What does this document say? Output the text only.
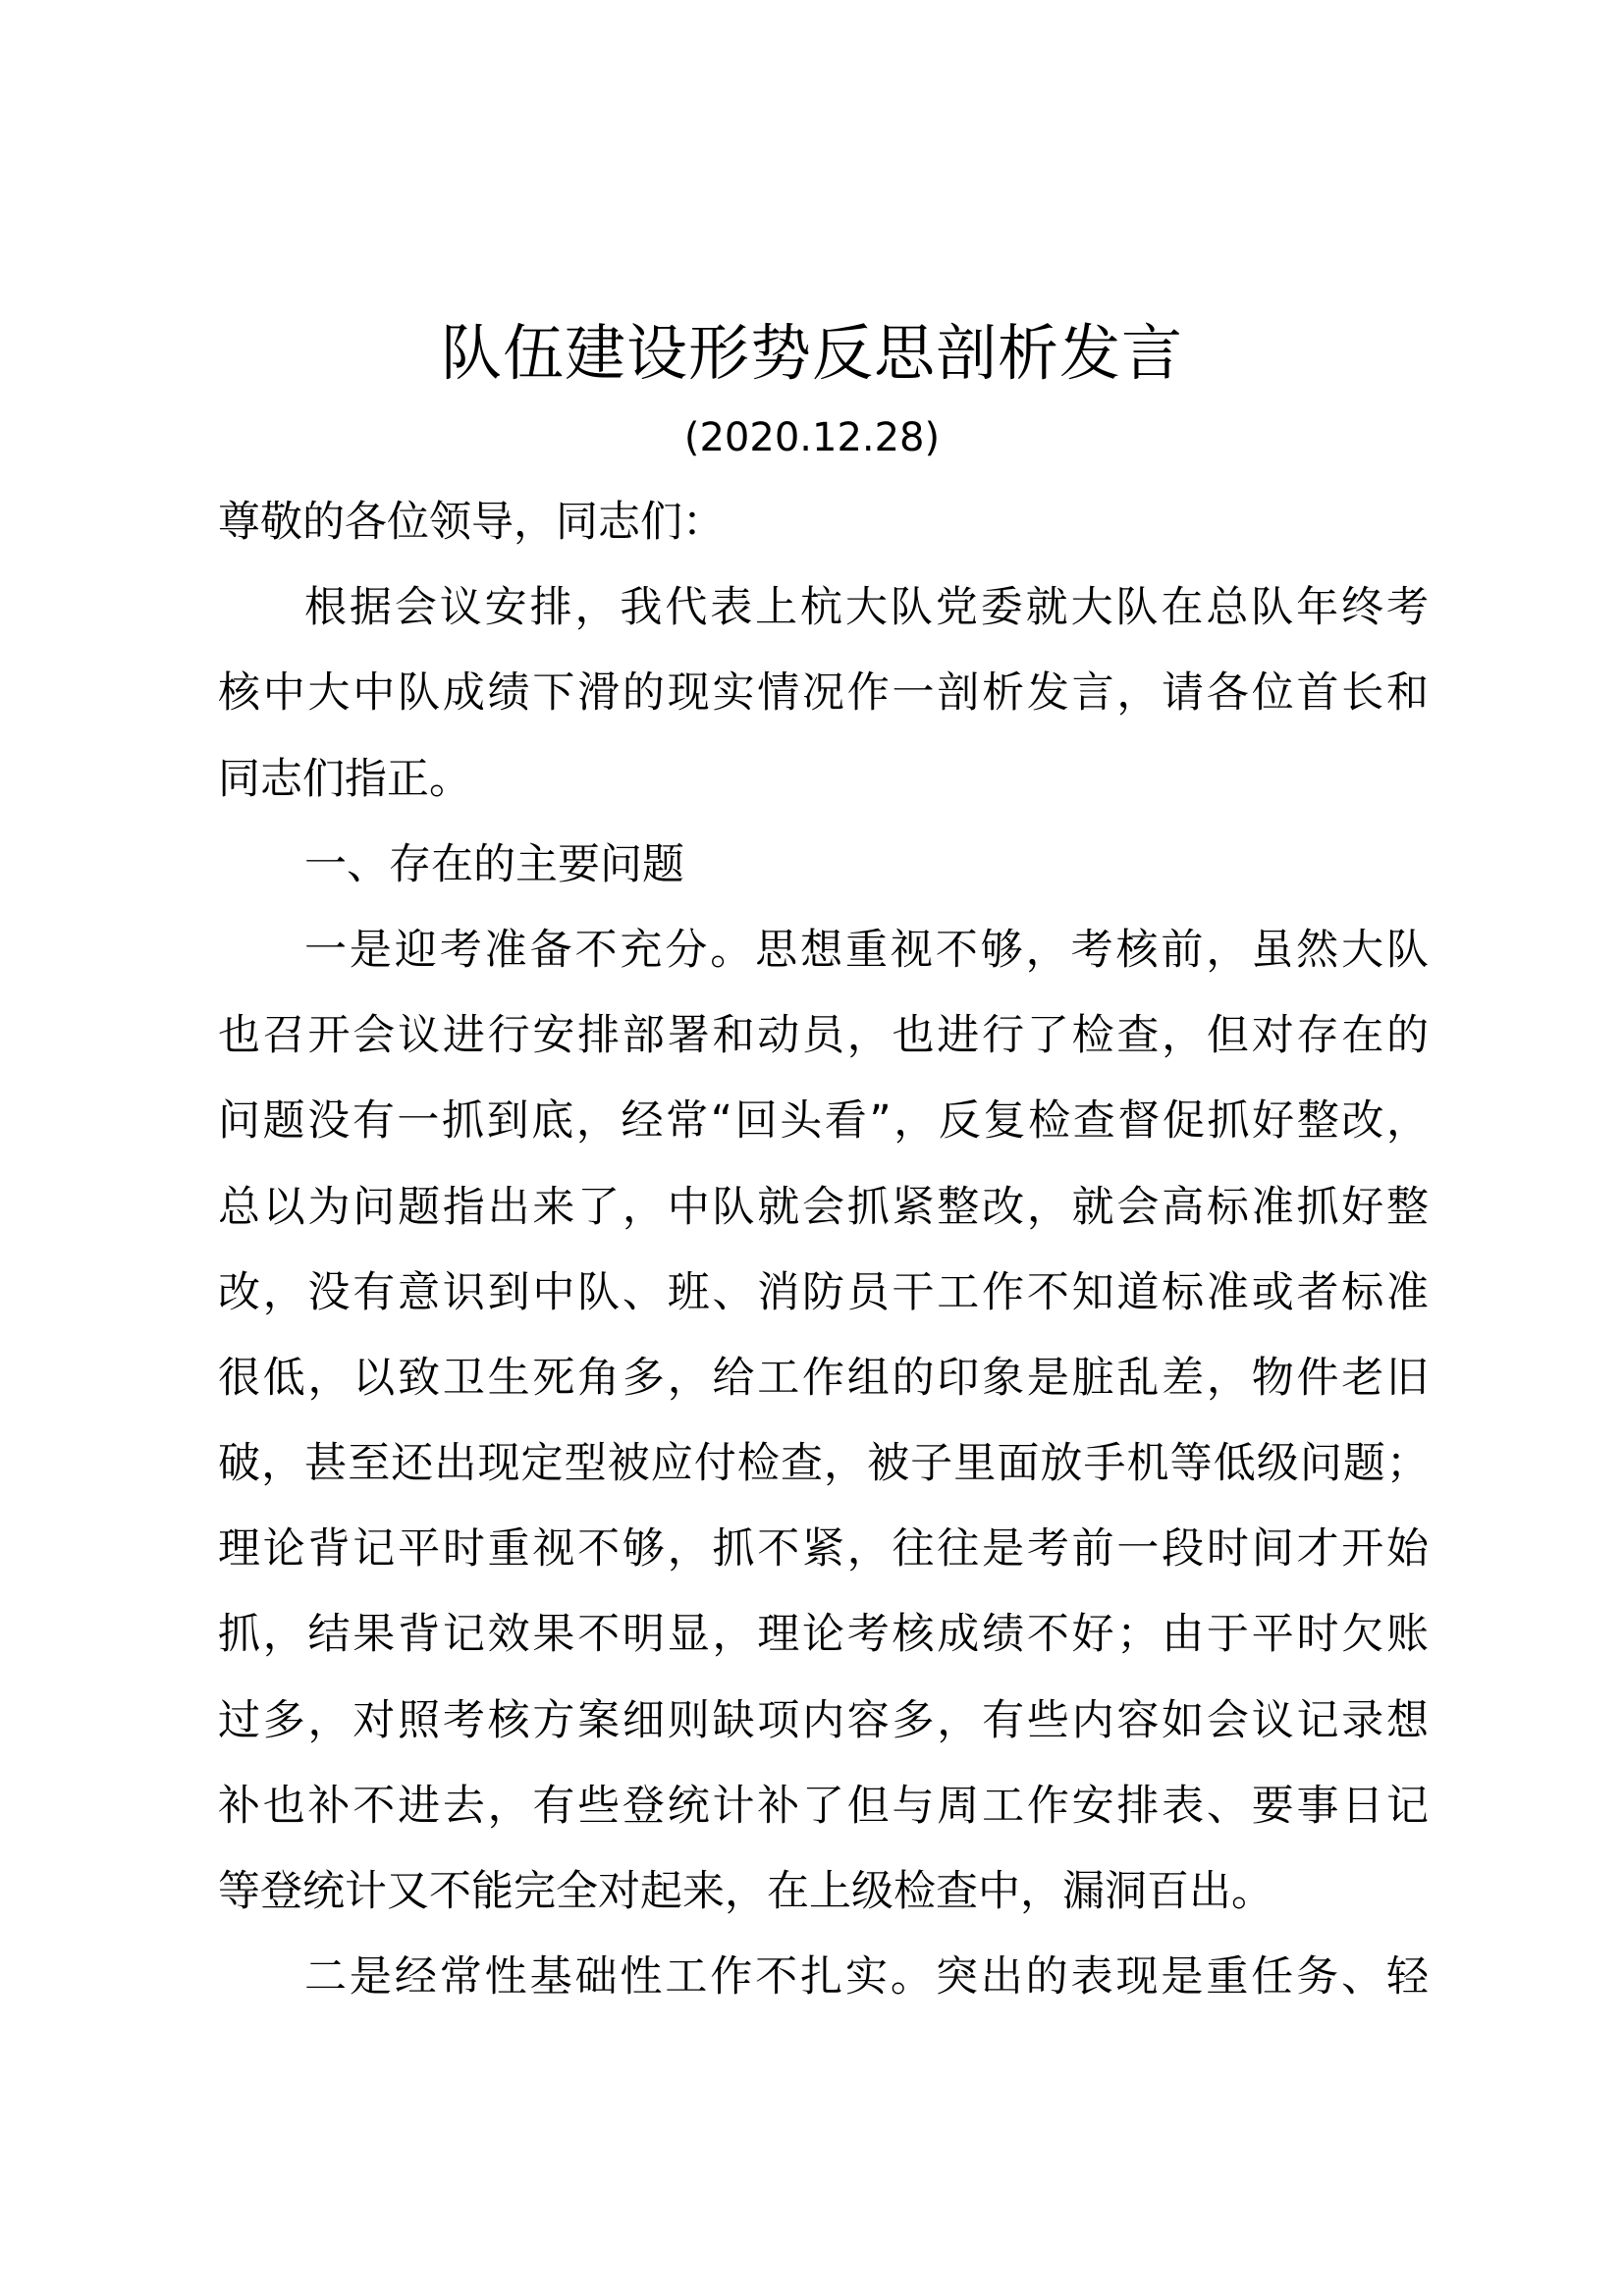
队伍建设形势反思剖析发言
(2020.12.28)
尊敬的各位领导，同志们：
根据会议安排，我代表上杭大队党委就大队在总队年终考
核中大中队成绩下滑的现实情况作一剖析发言，请各位首长和
同志们指正。
一、存在的主要问题
一是迎考准备不充分。思想重视不够，考核前，虽然大队
也召开会议进行安排部署和动员，也进行了检查，但对存在的
问题没有一抓到底，经常“回头看”，反复检查督促抓好整改，
总以为问题指出来了，中队就会抓紧整改，就会高标准抓好整
改，没有意识到中队、班、消防员干工作不知道标准或者标准
很低，以致卫生死角多，给工作组的印象是脏乱差，物件老旧
破，甚至还出现定型被应付检查，被子里面放手机等低级问题；
理论背记平时重视不够，抓不紧，往往是考前一段时间才开始
抓，结果背记效果不明显，理论考核成绩不好；由于平时欠账
过多，对照考核方案细则缺项内容多，有些内容如会议记录想
补也补不进去，有些登统计补了但与周工作安排表、要事日记
等登统计又不能完全对起来，在上级检查中，漏洞百出。
二是经常性基础性工作不扎实。突出的表现是重任务、轻
